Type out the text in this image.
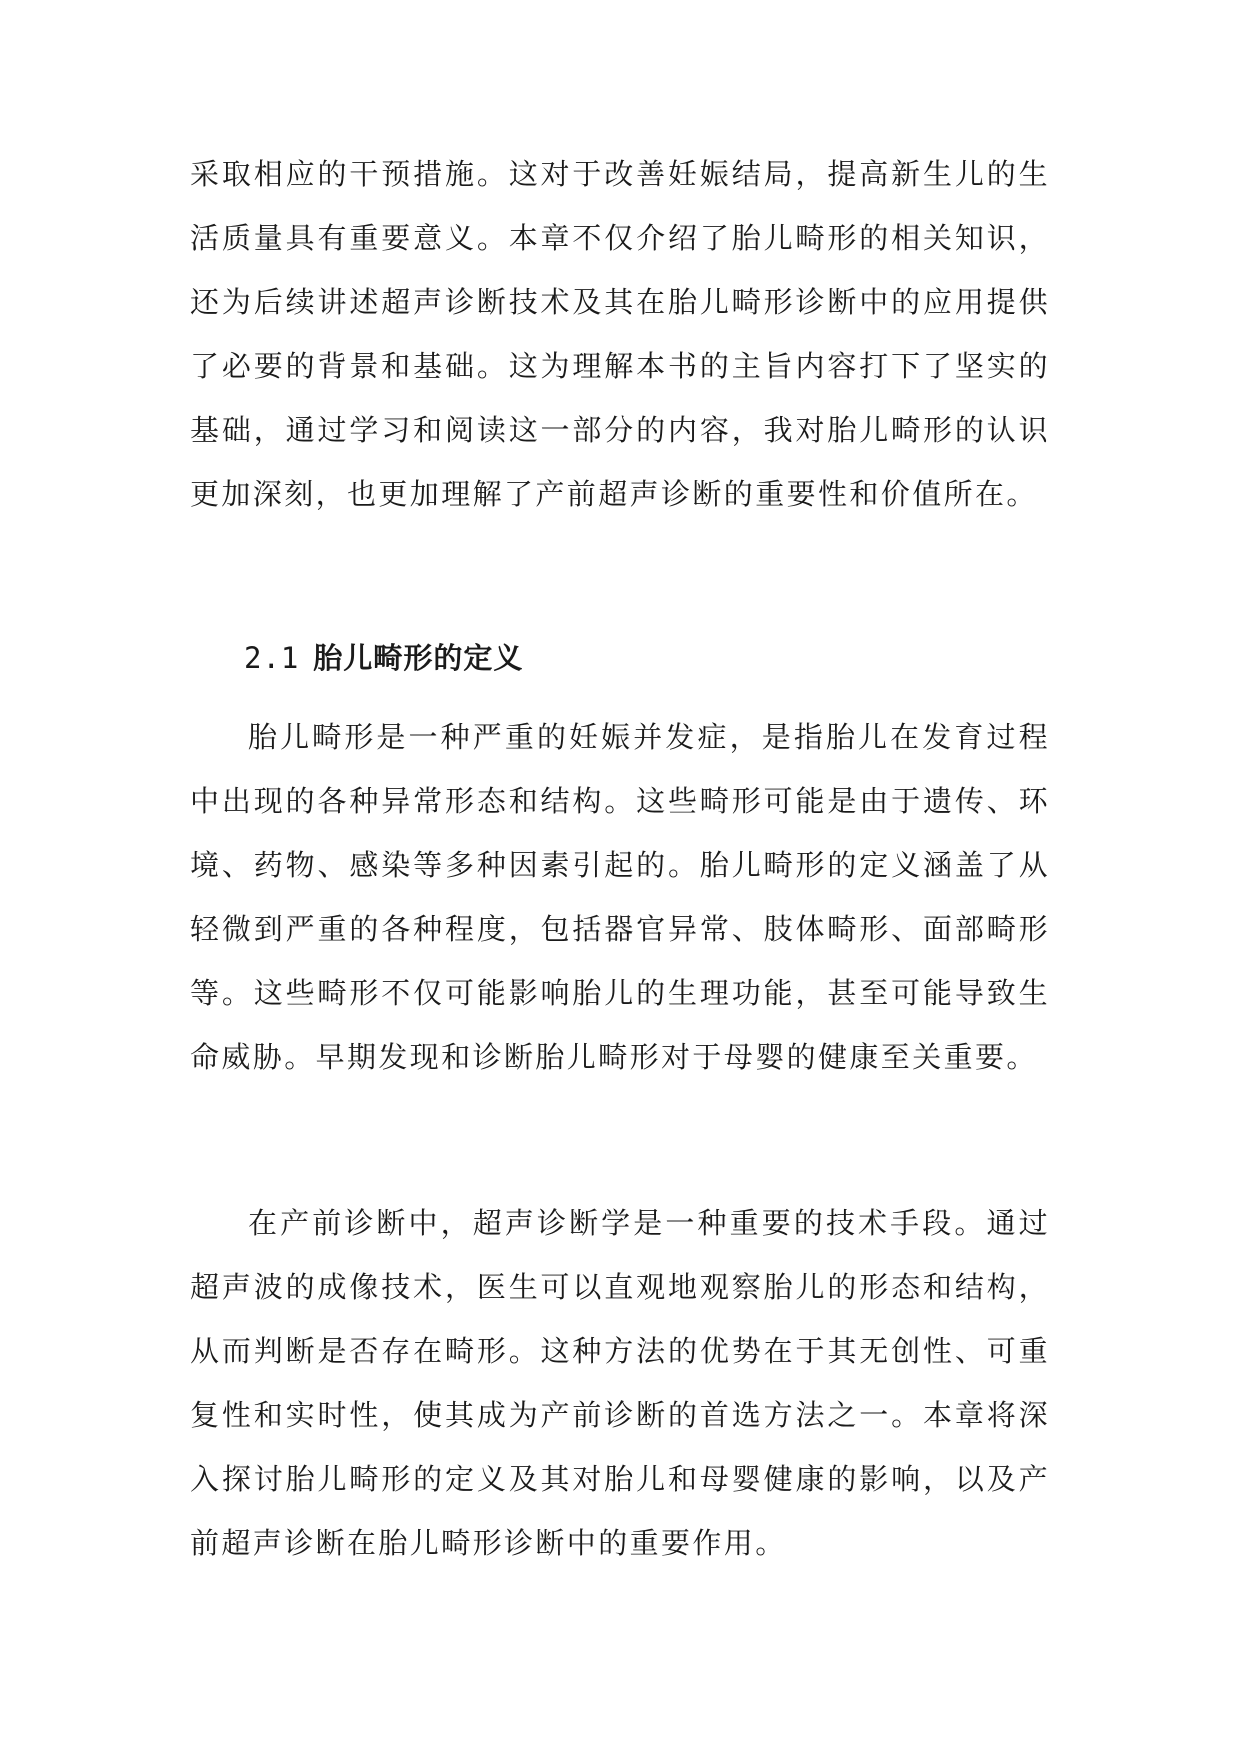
采取相应的干预措施。这对于改善妊娠结局，提高新生儿的生活质量具有重要意义。本章不仅介绍了胎儿畸形的相关知识，还为后续讲述超声诊断技术及其在胎儿畸形诊断中的应用提供了必要的背景和基础。这为理解本书的主旨内容打下了坚实的基础，通过学习和阅读这一部分的内容，我对胎儿畸形的认识更加深刻，也更加理解了产前超声诊断的重要性和价值所在。

2.1 胎儿畸形的定义

胎儿畸形是一种严重的妊娠并发症，是指胎儿在发育过程中出现的各种异常形态和结构。这些畸形可能是由于遗传、环境、药物、感染等多种因素引起的。胎儿畸形的定义涵盖了从轻微到严重的各种程度，包括器官异常、肢体畸形、面部畸形等。这些畸形不仅可能影响胎儿的生理功能，甚至可能导致生命威胁。早期发现和诊断胎儿畸形对于母婴的健康至关重要。

在产前诊断中，超声诊断学是一种重要的技术手段。通过超声波的成像技术，医生可以直观地观察胎儿的形态和结构，从而判断是否存在畸形。这种方法的优势在于其无创性、可重复性和实时性，使其成为产前诊断的首选方法之一。本章将深入探讨胎儿畸形的定义及其对胎儿和母婴健康的影响，以及产前超声诊断在胎儿畸形诊断中的重要作用。
